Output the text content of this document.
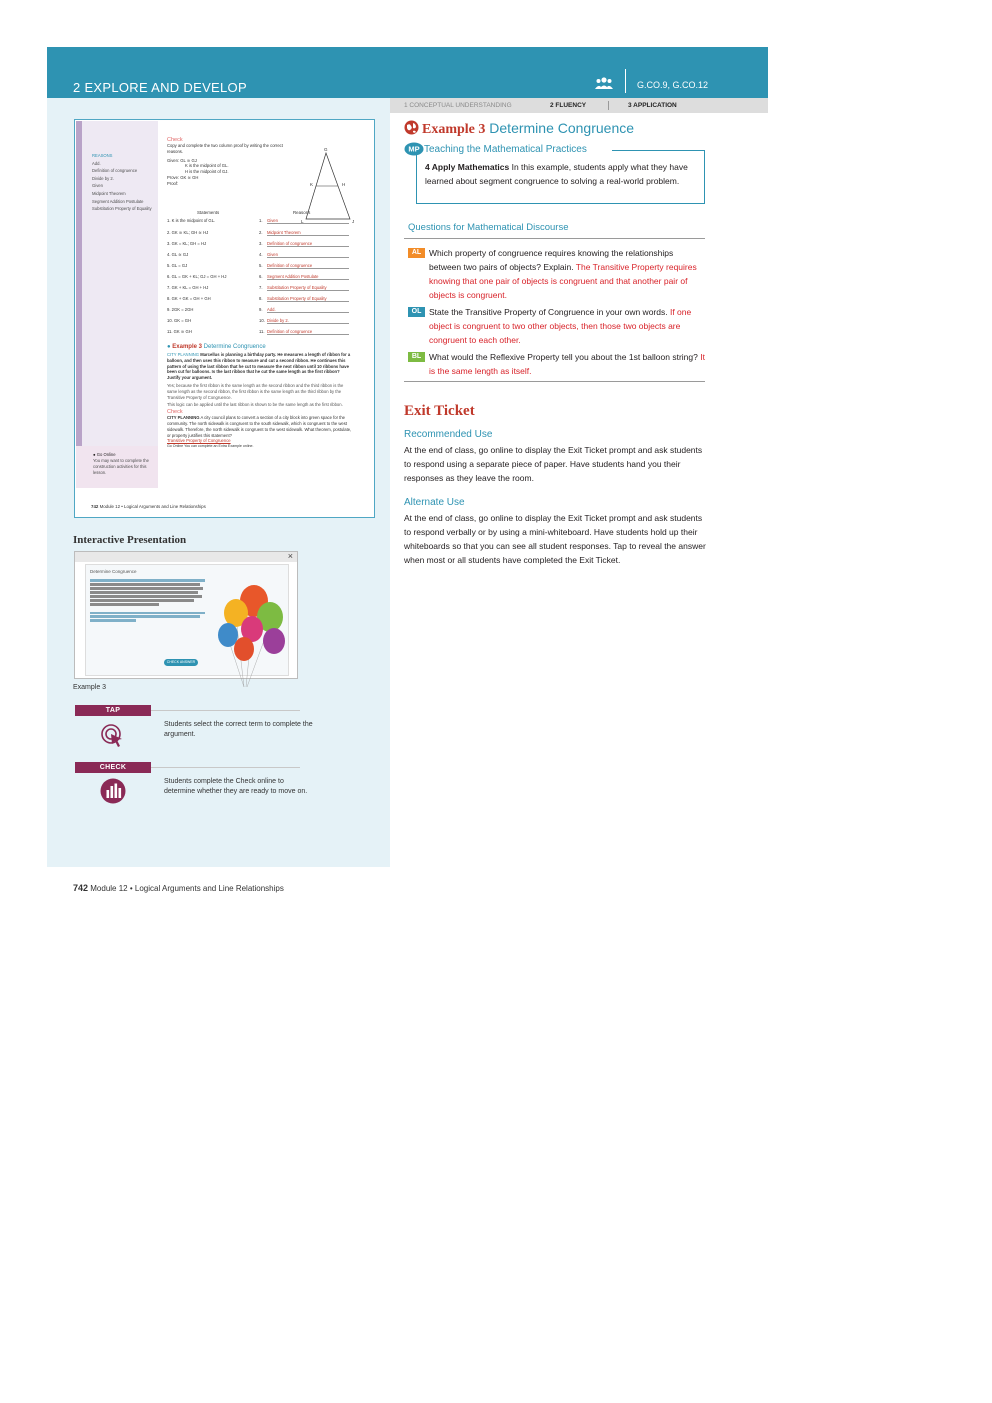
2 EXPLORE AND DEVELOP	G.CO.9, G.CO.12
REASONS
Add.
Definition of congruence
Divide by 2.
Given
Midpoint Theorem
Segment Addition Postulate
Substitution Property of Equality
● Go Online
You may want to complete the construction activities for this lesson.
Check
Copy and complete the two column proof by writing the correct reasons.
Given: GL ≅ GJ
K is the midpoint of GL.
H is the midpoint of GJ.
Prove: GK ≅ GH
Proof:
G
K	H
L	J
Statements	Reasons
1. K is the midpoint of GL.	1. Given
2. GK ≅ KL; GH ≅ HJ	2. Midpoint Theorem
3. GK = KL; GH = HJ	3. Definition of congruence
4. GL ≅ GJ	4. Given
5. GL = GJ	5. Definition of congruence
6. GL = GK + KL; GJ = GH + HJ	6. Segment Addition Postulate
7. GK + KL = GH + HJ	7. Substitution Property of Equality
8. GK + GK = GH + GH	8. Substitution Property of Equality
9. 2GK = 2GH	9. Add.
10. GK = GH	10. Divide by 2.
11. GK ≅ GH	11. Definition of congruence
● Example 3 Determine Congruence
CITY PLANNING Marcellus is planning a birthday party. He measures a length of ribbon for a balloon, and then uses this ribbon to measure and cut a second ribbon. He continues this pattern of using the last ribbon that he cut to measure the next ribbon until 10 ribbons have been cut for balloons. Is the last ribbon that he cut the same length as the first ribbon? Justify your argument.
Yes; because the first ribbon is the same length as the second ribbon and the third ribbon is the same length as the second ribbon, the first ribbon is the same length as the third ribbon by the Transitive Property of Congruence.
This logic can be applied until the last ribbon is shown to be the same length as the first ribbon.
Check
CITY PLANNING A city council plans to convert a section of a city block into green space for the community. The north sidewalk is congruent to the south sidewalk, which is congruent to the west sidewalk. Therefore, the north sidewalk is congruent to the west sidewalk. What theorem, postulate, or property justifies this statement?
Transitive Property of Congruence
Go Online You can complete an Extra Example online.
742 Module 12 • Logical Arguments and Line Relationships
Interactive Presentation
×
Determine Congruence
CHECK ANSWER
Example 3
TAP
Students select the correct term to complete the argument.
CHECK
Students complete the Check online to determine whether they are ready to move on.
742 Module 12 • Logical Arguments and Line Relationships
1 CONCEPTUAL UNDERSTANDING	2 FLUENCY	3 APPLICATION
Example 3 Determine Congruence
MP Teaching the Mathematical Practices
4 Apply Mathematics In this example, students apply what they have learned about segment congruence to solving a real-world problem.
Questions for Mathematical Discourse
AL Which property of congruence requires knowing the relationships between two pairs of objects? Explain. The Transitive Property requires knowing that one pair of objects is congruent and that another pair of objects is congruent.
OL State the Transitive Property of Congruence in your own words. If one object is congruent to two other objects, then those two objects are congruent to each other.
BL What would the Reflexive Property tell you about the 1st balloon string? It is the same length as itself.
Exit Ticket
Recommended Use
At the end of class, go online to display the Exit Ticket prompt and ask students to respond using a separate piece of paper. Have students hand you their responses as they leave the room.
Alternate Use
At the end of class, go online to display the Exit Ticket prompt and ask students to respond verbally or by using a mini-whiteboard. Have students hold up their whiteboards so that you can see all student responses. Tap to reveal the answer when most or all students have completed the Exit Ticket.
